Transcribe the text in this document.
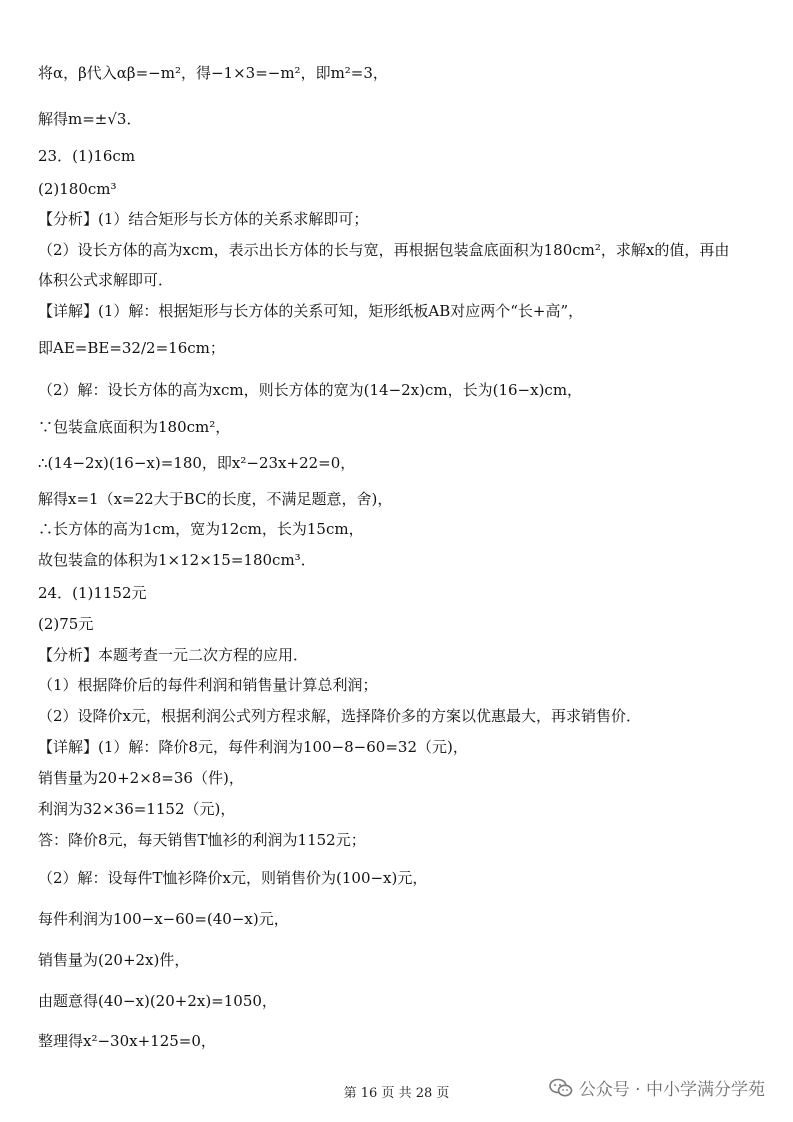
将α，β代入αβ=−m²，得−1×3=−m²，即m²=3，
解得m=±√3．
23．(1)16cm
(2)180cm³
【分析】(1）结合矩形与长方体的关系求解即可；
（2）设长方体的高为xcm，表示出长方体的长与宽，再根据包装盒底面积为180cm²，求解x的值，再由
体积公式求解即可．
【详解】(1）解：根据矩形与长方体的关系可知，矩形纸板AB对应两个“长+高”，
即AE=BE=32/2=16cm；
（2）解：设长方体的高为xcm，则长方体的宽为(14−2x)cm，长为(16−x)cm，
∵包装盒底面积为180cm²，
∴(14−2x)(16−x)=180，即x²−23x+22=0，
解得x=1（x=22大于BC的长度，不满足题意，舍)，
∴长方体的高为1cm，宽为12cm，长为15cm，
故包装盒的体积为1×12×15=180cm³．
24．(1)1152元
(2)75元
【分析】本题考查一元二次方程的应用．
（1）根据降价后的每件利润和销售量计算总利润；
（2）设降价x元，根据利润公式列方程求解，选择降价多的方案以优惠最大，再求销售价．
【详解】(1）解：降价8元，每件利润为100−8−60=32（元)，
销售量为20+2×8=36（件)，
利润为32×36=1152（元)，
答：降价8元，每天销售T恤衫的利润为1152元；
（2）解：设每件T恤衫降价x元，则销售价为(100−x)元，
每件利润为100−x−60=(40−x)元，
销售量为(20+2x)件，
由题意得(40−x)(20+2x)=1050，
整理得x²−30x+125=0，
第 16 页 共 28 页	公众号 · 中小学满分学苑
